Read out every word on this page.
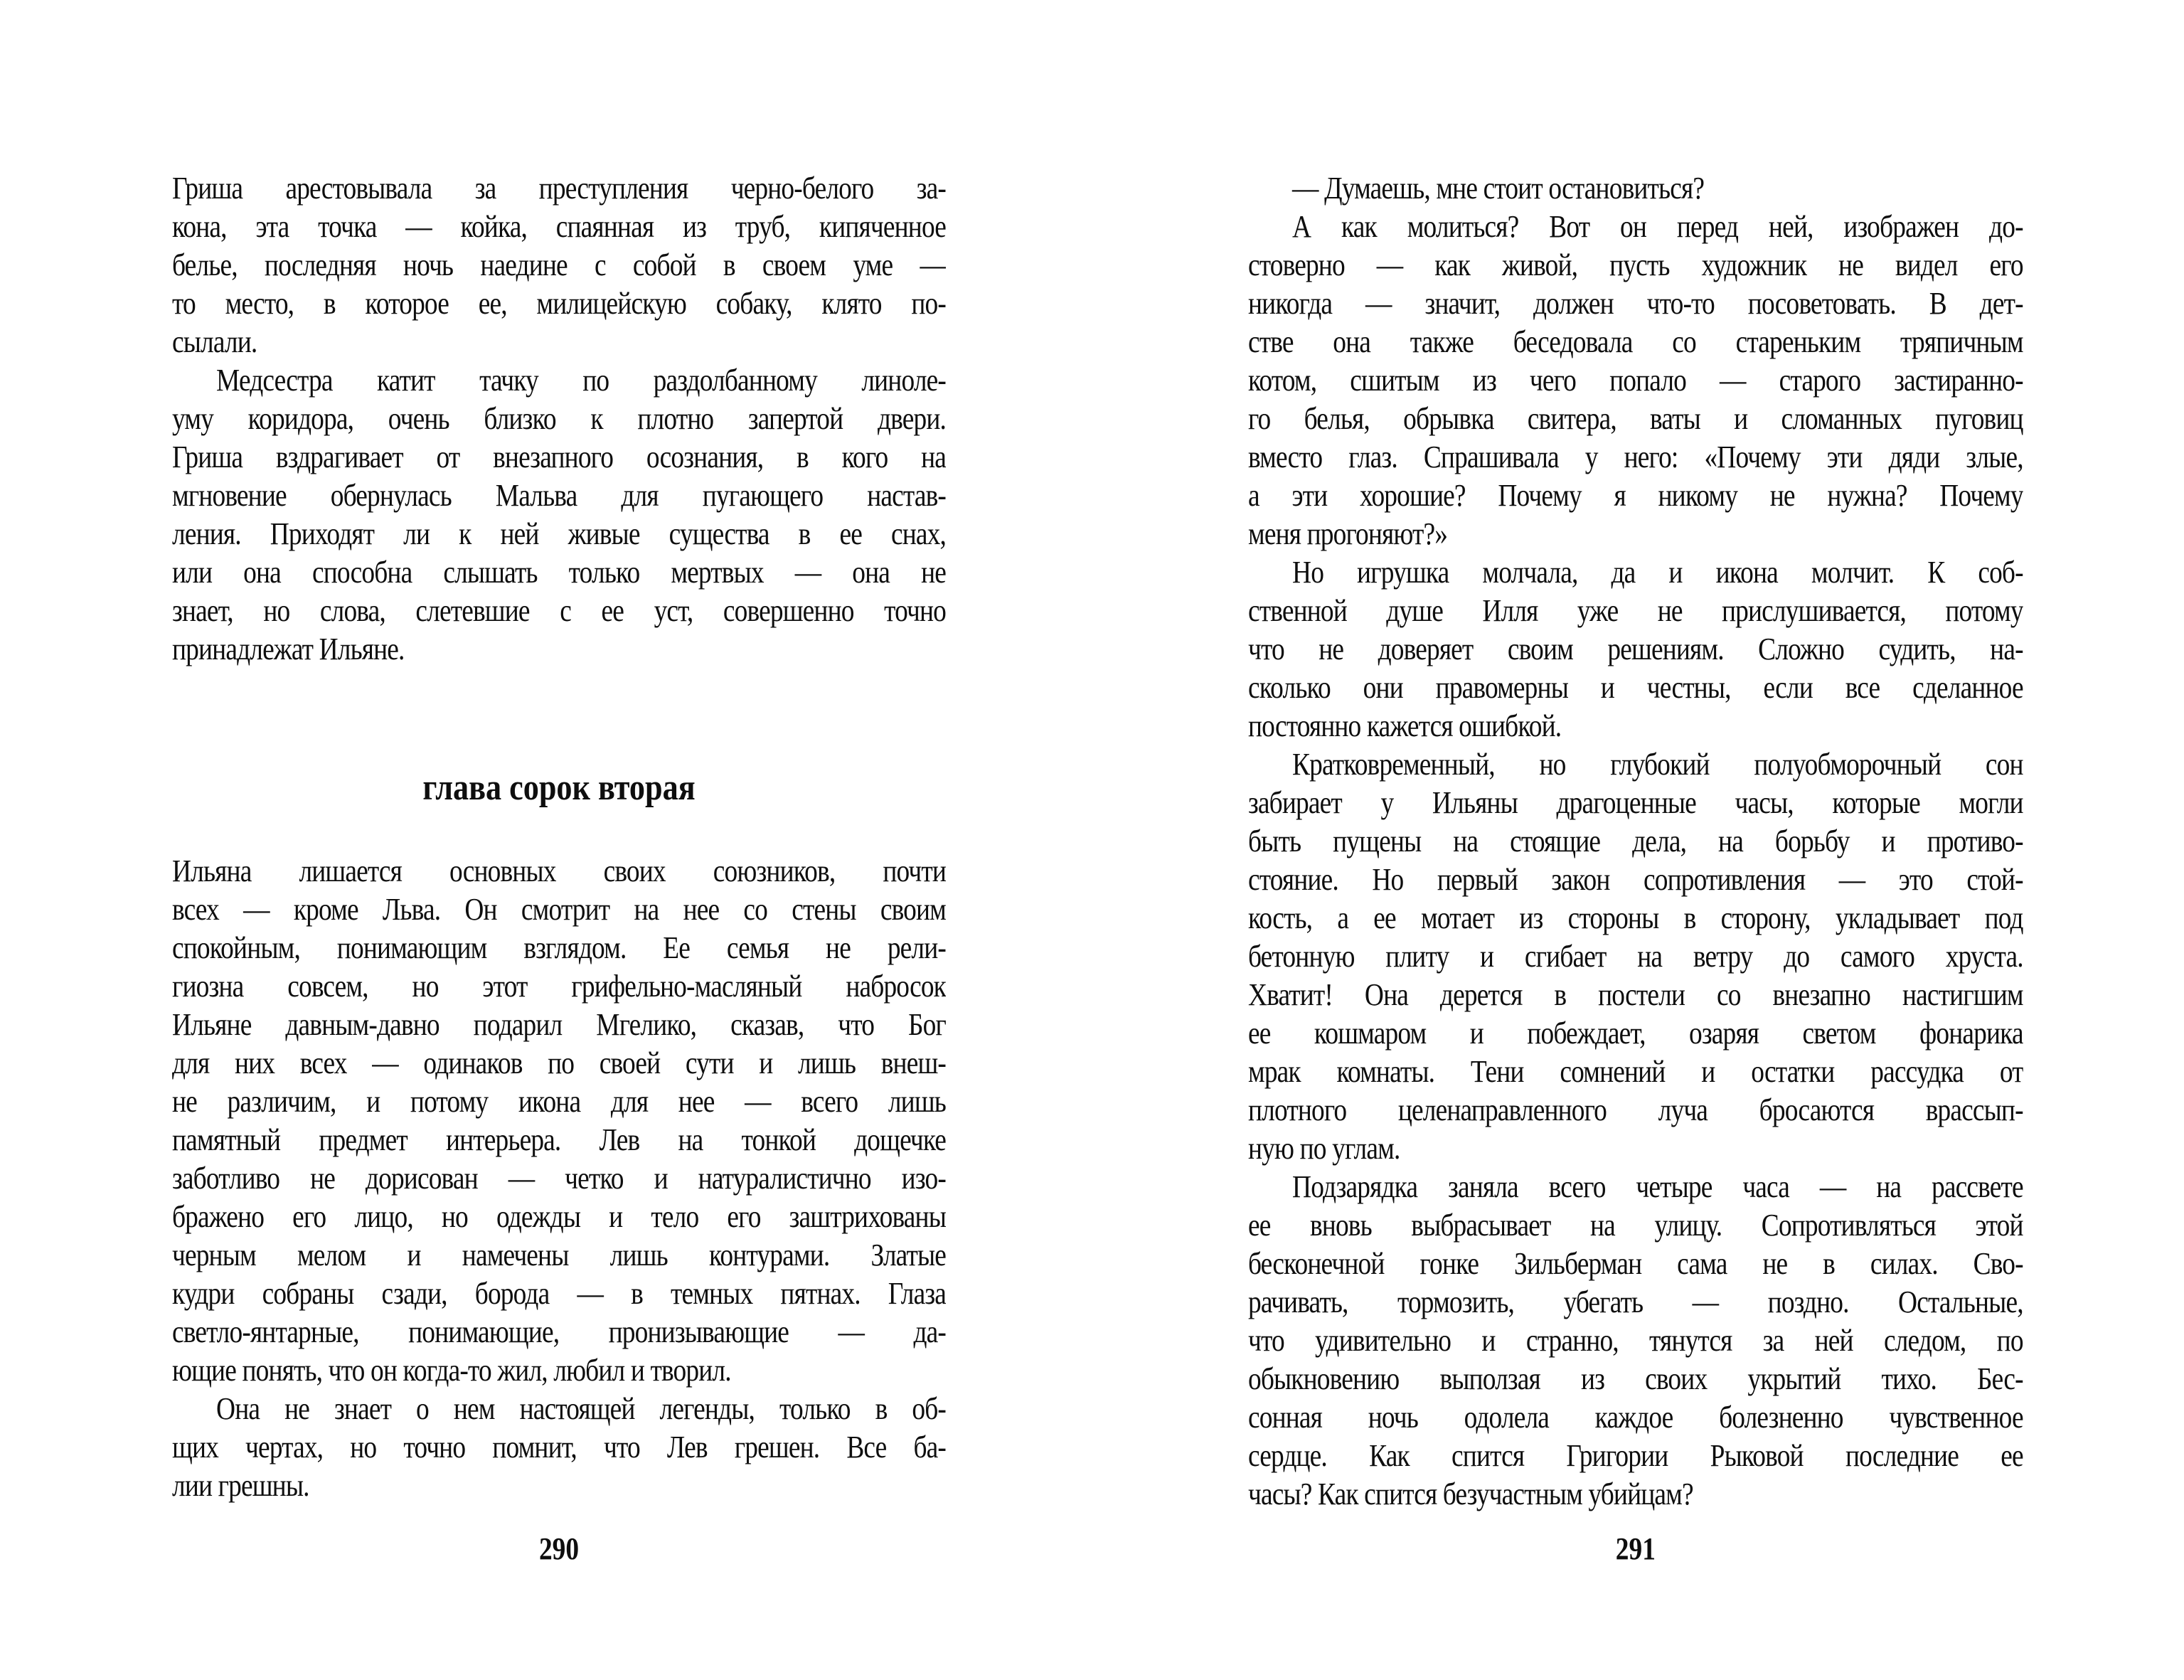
290
Гриша арестовывала за преступления черно-белого за-
кона, эта точка — койка, спаянная из труб, кипяченное
белье, последняя ночь наедине с собой в своем уме —
то место, в которое ее, милицейскую собаку, клято по-
сылали.
Медсестра катит тачку по раздолбанному линоле-
уму коридора, очень близко к плотно запертой двери.
Гриша вздрагивает от внезапного осознания, в кого на
мгновение обернулась Мальва для пугающего настав-
ления. Приходят ли к ней живые существа в ее снах,
или она способна слышать только мертвых — она не
знает, но слова, слетевшие с ее уст, совершенно точно
принадлежат Ильяне.
глава сорок вторая
Ильяна лишается основных своих союзников, почти
всех — кроме Льва. Он смотрит на нее со стены своим
спокойным, понимающим взглядом. Ее семья не рели-
гиозна совсем, но этот грифельно-масляный набросок
Ильяне давным-давно подарил Мгелико, сказав, что Бог
для них всех — одинаков по своей сути и лишь внеш-
не различим, и потому икона для нее — всего лишь
памятный предмет интерьера. Лев на тонкой дощечке
заботливо не дорисован — четко и натуралистично изо-
бражено его лицо, но одежды и тело его заштрихованы
черным мелом и намечены лишь контурами. Златые
кудри собраны сзади, борода — в темных пятнах. Глаза
светло-янтарные, понимающие, пронизывающие — да-
ющие понять, что он когда-то жил, любил и творил.
Она не знает о нем настоящей легенды, только в об-
щих чертах, но точно помнит, что Лев грешен. Все ба-
лии грешны.
291
— Думаешь, мне стоит остановиться?
А как молиться? Вот он перед ней, изображен до-
стоверно — как живой, пусть художник не видел его
никогда — значит, должен что-то посоветовать. В дет-
стве она также беседовала со стареньким тряпичным
котом, сшитым из чего попало — старого застиранно-
го белья, обрывка свитера, ваты и сломанных пуговиц
вместо глаз. Спрашивала у него: «Почему эти дяди злые,
а эти хорошие? Почему я никому не нужна? Почему
меня прогоняют?»
Но игрушка молчала, да и икона молчит. К соб-
ственной душе Илля уже не прислушивается, потому
что не доверяет своим решениям. Сложно судить, на-
сколько они правомерны и честны, если все сделанное
постоянно кажется ошибкой.
Кратковременный, но глубокий полуобморочный сон
забирает у Ильяны драгоценные часы, которые могли
быть пущены на стоящие дела, на борьбу и противо-
стояние. Но первый закон сопротивления — это стой-
кость, а ее мотает из стороны в сторону, укладывает под
бетонную плиту и сгибает на ветру до самого хруста.
Хватит! Она дерется в постели со внезапно настигшим
ее кошмаром и побеждает, озаряя светом фонарика
мрак комнаты. Тени сомнений и остатки рассудка от
плотного целенаправленного луча бросаются врассып-
ную по углам.
Подзарядка заняла всего четыре часа — на рассвете
ее вновь выбрасывает на улицу. Сопротивляться этой
бесконечной гонке Зильберман сама не в силах. Сво-
рачивать, тормозить, убегать — поздно. Остальные,
что удивительно и странно, тянутся за ней следом, по
обыкновению выползая из своих укрытий тихо. Бес-
сонная ночь одолела каждое болезненно чувственное
сердце. Как спится Григории Рыковой последние ее
часы? Как спится безучастным убийцам?
